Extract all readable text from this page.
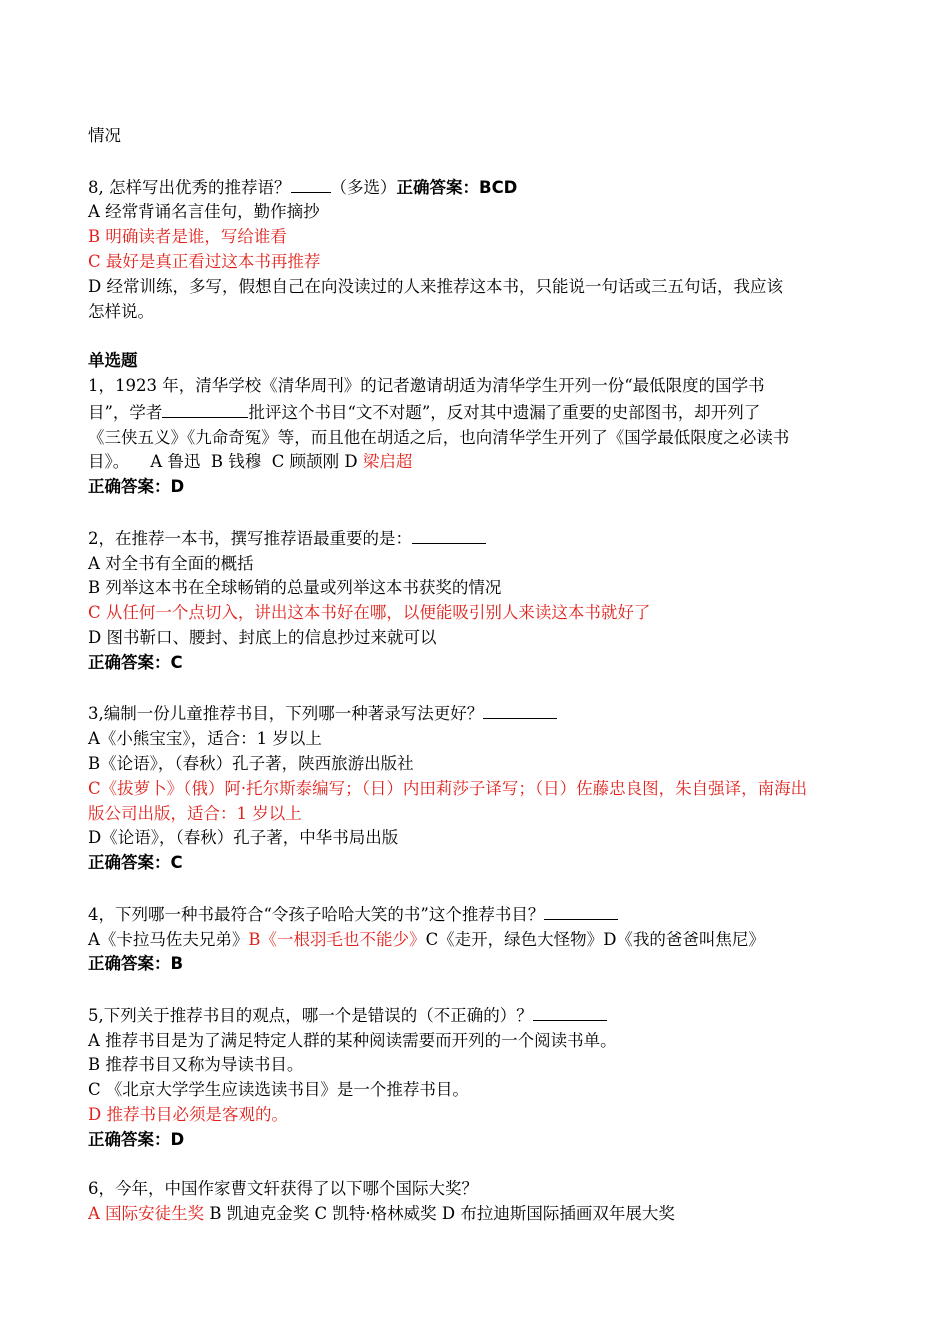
情况
8, 怎样写出优秀的推荐语？ （多选）正确答案：BCD
A 经常背诵名言佳句，勤作摘抄
B 明确读者是谁，写给谁看
C 最好是真正看过这本书再推荐
D 经常训练，多写，假想自己在向没读过的人来推荐这本书，只能说一句话或三五句话，我应该
怎样说。
单选题
1，1923 年，清华学校《清华周刊》的记者邀请胡适为清华学生开列一份“最低限度的国学书
目”，学者	批评这个书目“文不对题”，反对其中遗漏了重要的史部图书，却开列了
《三侠五义》《九命奇冤》等，而且他在胡适之后，也向清华学生开列了《国学最低限度之必读书
目》。    A 鲁迅  B 钱穆  C 顾颉刚 D 梁启超
正确答案：D
2，在推荐一本书，撰写推荐语最重要的是：
A 对全书有全面的概括
B 列举这本书在全球畅销的总量或列举这本书获奖的情况
C 从任何一个点切入，讲出这本书好在哪，以便能吸引别人来读这本书就好了
D 图书靳口、腰封、封底上的信息抄过来就可以
正确答案：C
3,编制一份儿童推荐书目，下列哪一种著录写法更好？
A《小熊宝宝》，适合：1 岁以上
B《论语》，（春秋）孔子著，陕西旅游出版社
C《拔萝卜》（俄）阿·托尔斯泰编写；（日）内田莉莎子译写；（日）佐藤忠良图，朱自强译，南海出
版公司出版，适合：1 岁以上
D《论语》，（春秋）孔子著，中华书局出版
正确答案：C
4，下列哪一种书最符合“令孩子哈哈大笑的书”这个推荐书目？
A《卡拉马佐夫兄弟》B《一根羽毛也不能少》C《走开，绿色大怪物》D《我的爸爸叫焦尼》
正确答案：B
5,下列关于推荐书目的观点，哪一个是错误的（不正确的）？
A 推荐书目是为了满足特定人群的某种阅读需要而开列的一个阅读书单。
B 推荐书目又称为导读书目。
C 《北京大学学生应读选读书目》是一个推荐书目。
D 推荐书目必须是客观的。
正确答案：D
6，今年，中国作家曹文轩获得了以下哪个国际大奖？
A 国际安徒生奖 B 凯迪克金奖 C 凯特·格林威奖 D 布拉迪斯国际插画双年展大奖
